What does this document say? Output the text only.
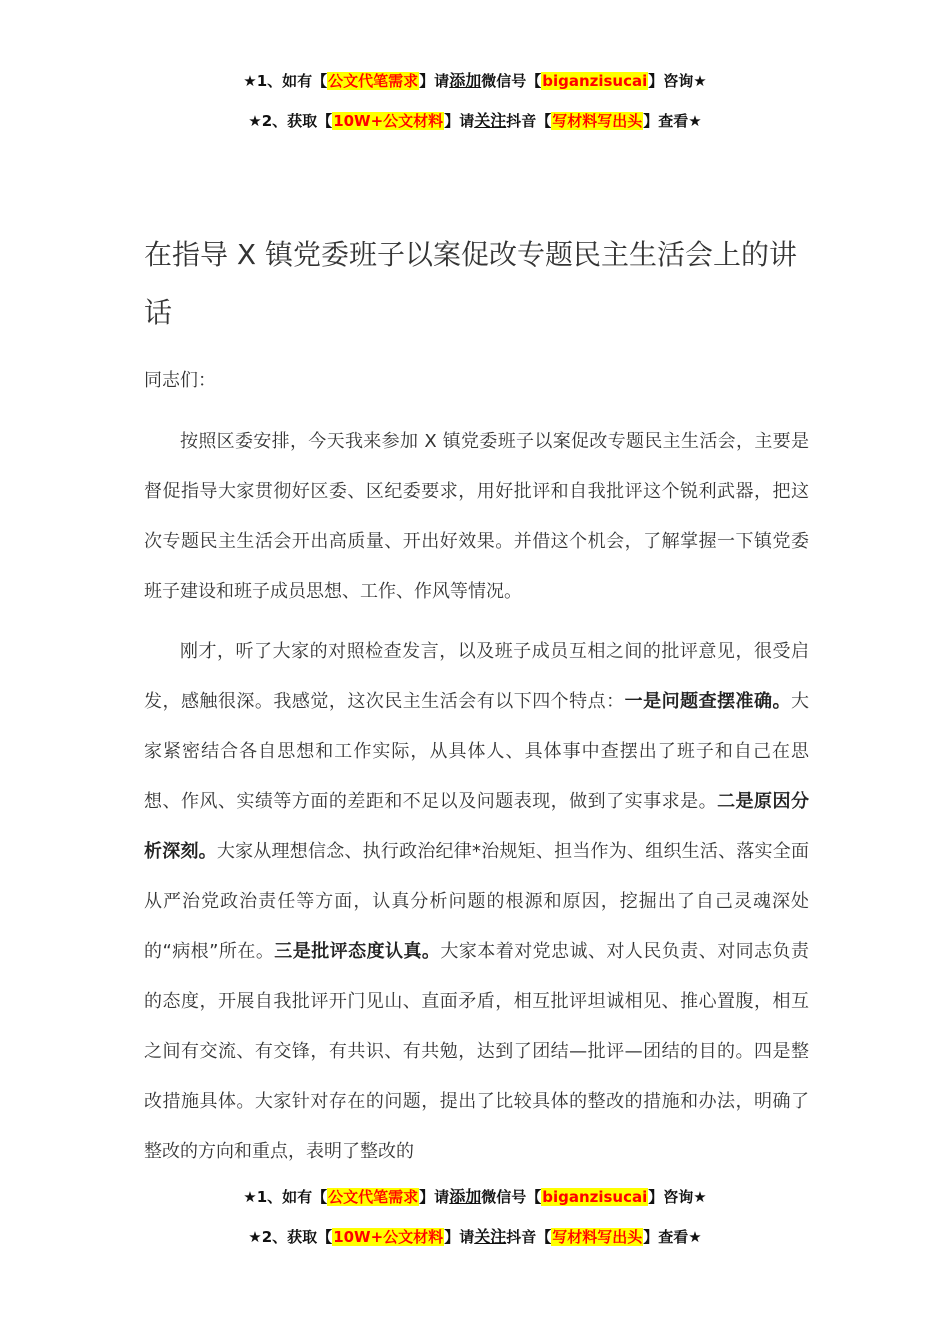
★1、如有【公文代笔需求】请添加微信号【biganzisucai】咨询★
★2、获取【10W+公文材料】请关注抖音【写材料写出头】查看★
在指导 X 镇党委班子以案促改专题民主生活会上的讲话

同志们：

按照区委安排，今天我来参加 X 镇党委班子以案促改专题民主生活会，主要是督促指导大家贯彻好区委、区纪委要求，用好批评和自我批评这个锐利武器，把这次专题民主生活会开出高质量、开出好效果。并借这个机会，了解掌握一下镇党委班子建设和班子成员思想、工作、作风等情况。

刚才，听了大家的对照检查发言，以及班子成员互相之间的批评意见，很受启发，感触很深。我感觉，这次民主生活会有以下四个特点：一是问题查摆准确。大家紧密结合各自思想和工作实际，从具体人、具体事中查摆出了班子和自己在思想、作风、实绩等方面的差距和不足以及问题表现，做到了实事求是。二是原因分析深刻。大家从理想信念、执行政治纪律*治规矩、担当作为、组织生活、落实全面从严治党政治责任等方面，认真分析问题的根源和原因，挖掘出了自己灵魂深处的“病根”所在。三是批评态度认真。大家本着对党忠诚、对人民负责、对同志负责的态度，开展自我批评开门见山、直面矛盾，相互批评坦诚相见、推心置腹，相互之间有交流、有交锋，有共识、有共勉，达到了团结—批评—团结的目的。四是整改措施具体。大家针对存在的问题，提出了比较具体的整改的措施和办法，明确了整改的方向和重点，表明了整改的

★1、如有【公文代笔需求】请添加微信号【biganzisucai】咨询★
★2、获取【10W+公文材料】请关注抖音【写材料写出头】查看★
